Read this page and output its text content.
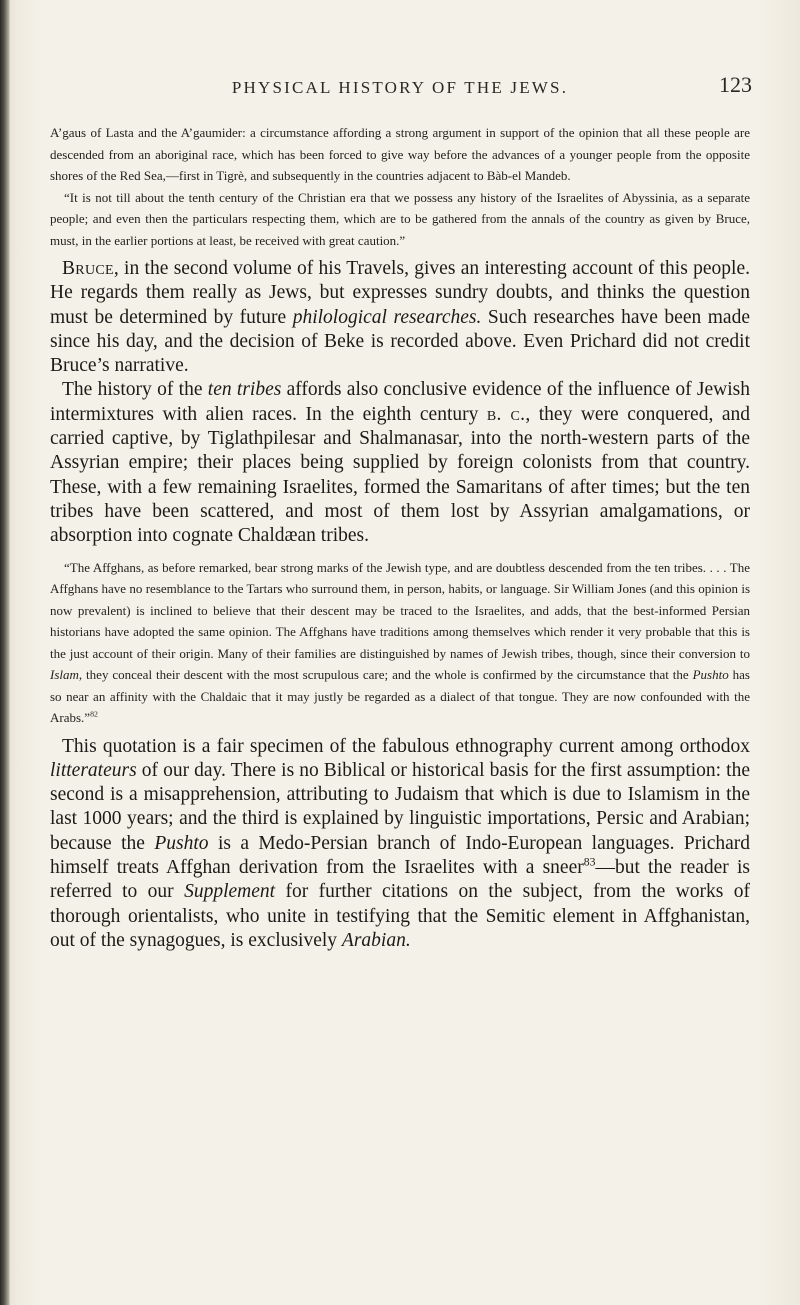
PHYSICAL HISTORY OF THE JEWS.	123

A’gaus of Lasta and the A’gaumider: a circumstance affording a strong argument in support of the opinion that all these people are descended from an aboriginal race, which has been forced to give way before the advances of a younger people from the opposite shores of the Red Sea,—first in Tigrè, and subsequently in the countries adjacent to Bàb-el Mandeb.

“It is not till about the tenth century of the Christian era that we possess any history of the Israelites of Abyssinia, as a separate people; and even then the particulars respecting them, which are to be gathered from the annals of the country as given by Bruce, must, in the earlier portions at least, be received with great caution.”

Bruce, in the second volume of his Travels, gives an interesting account of this people. He regards them really as Jews, but expresses sundry doubts, and thinks the question must be determined by future philological researches. Such researches have been made since his day, and the decision of Beke is recorded above. Even Prichard did not credit Bruce’s narrative.

The history of the ten tribes affords also conclusive evidence of the influence of Jewish intermixtures with alien races. In the eighth century b. c., they were conquered, and carried captive, by Tiglathpilesar and Shalmanasar, into the north-western parts of the Assyrian empire; their places being supplied by foreign colonists from that country. These, with a few remaining Israelites, formed the Samaritans of after times; but the ten tribes have been scattered, and most of them lost by Assyrian amalgamations, or absorption into cognate Chaldæan tribes.

“The Affghans, as before remarked, bear strong marks of the Jewish type, and are doubtless descended from the ten tribes. . . . The Affghans have no resemblance to the Tartars who surround them, in person, habits, or language. Sir William Jones (and this opinion is now prevalent) is inclined to believe that their descent may be traced to the Israelites, and adds, that the best-informed Persian historians have adopted the same opinion. The Affghans have traditions among themselves which render it very probable that this is the just account of their origin. Many of their families are distinguished by names of Jewish tribes, though, since their conversion to Islam, they conceal their descent with the most scrupulous care; and the whole is confirmed by the circumstance that the Pushto has so near an affinity with the Chaldaic that it may justly be regarded as a dialect of that tongue. They are now confounded with the Arabs.”$^{82}$

This quotation is a fair specimen of the fabulous ethnography current among orthodox litterateurs of our day. There is no Biblical or historical basis for the first assumption: the second is a misapprehension, attributing to Judaism that which is due to Islamism in the last 1000 years; and the third is explained by linguistic importations, Persic and Arabian; because the Pushto is a Medo-Persian branch of Indo-European languages. Prichard himself treats Affghan derivation from the Israelites with a sneer$^{83}$—but the reader is referred to our Supplement for further citations on the subject, from the works of thorough orientalists, who unite in testifying that the Semitic element in Affghanistan, out of the synagogues, is exclusively Arabian.
